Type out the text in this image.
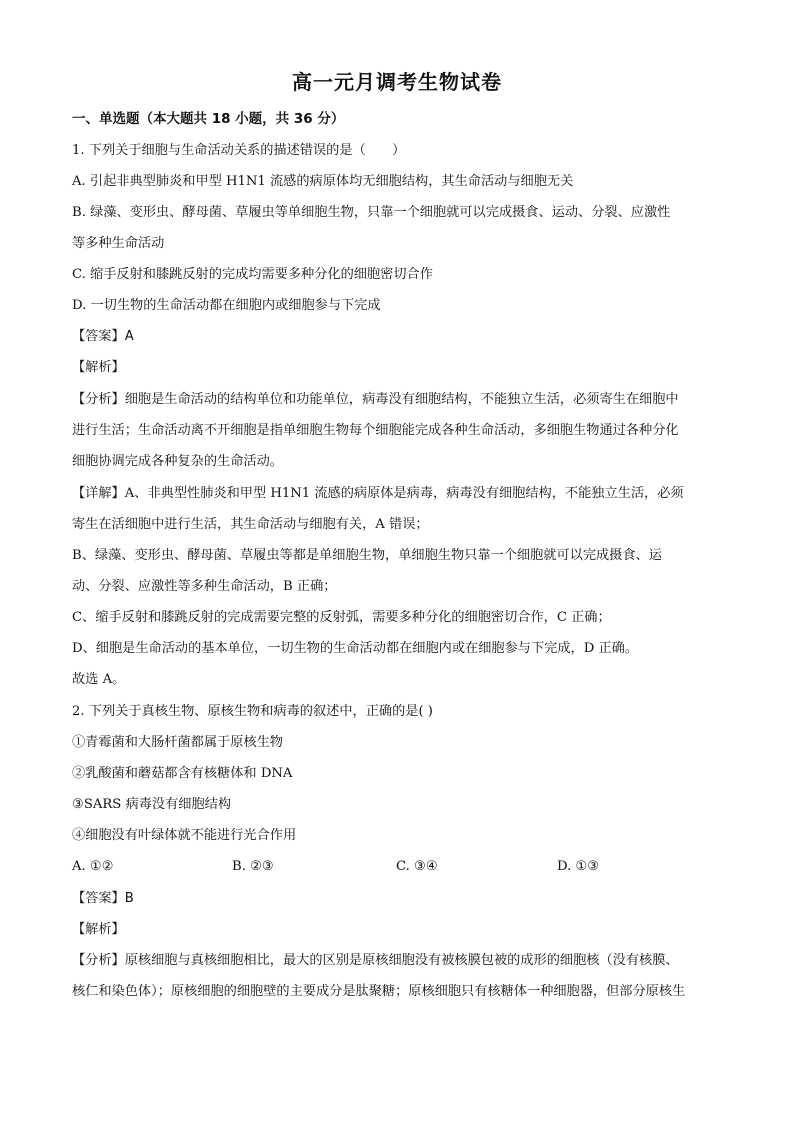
高一元月调考生物试卷
一、单选题（本大题共 18 小题，共 36 分）
1. 下列关于细胞与生命活动关系的描述错误的是（　　）
A. 引起非典型肺炎和甲型 H1N1 流感的病原体均无细胞结构，其生命活动与细胞无关
B. 绿藻、变形虫、酵母菌、草履虫等单细胞生物，只靠一个细胞就可以完成摄食、运动、分裂、应激性
等多种生命活动
C. 缩手反射和膝跳反射的完成均需要多种分化的细胞密切合作
D. 一切生物的生命活动都在细胞内或细胞参与下完成
【答案】A
【解析】
【分析】细胞是生命活动的结构单位和功能单位，病毒没有细胞结构，不能独立生活，必须寄生在细胞中
进行生活；生命活动离不开细胞是指单细胞生物每个细胞能完成各种生命活动，多细胞生物通过各种分化
细胞协调完成各种复杂的生命活动。
【详解】A、非典型性肺炎和甲型 H1N1 流感的病原体是病毒，病毒没有细胞结构，不能独立生活，必须
寄生在活细胞中进行生活，其生命活动与细胞有关，A 错误；
B、绿藻、变形虫、酵母菌、草履虫等都是单细胞生物，单细胞生物只靠一个细胞就可以完成摄食、运
动、分裂、应激性等多种生命活动，B 正确；
C、缩手反射和膝跳反射的完成需要完整的反射弧，需要多种分化的细胞密切合作，C 正确；
D、细胞是生命活动的基本单位，一切生物的生命活动都在细胞内或在细胞参与下完成，D 正确。
故选 A。
2. 下列关于真核生物、原核生物和病毒的叙述中，正确的是( )
①青霉菌和大肠杆菌都属于原核生物
②乳酸菌和蘑菇都含有核糖体和 DNA
③SARS 病毒没有细胞结构
④细胞没有叶绿体就不能进行光合作用
A. ①②	B. ②③	C. ③④	D. ①③
【答案】B
【解析】
【分析】原核细胞与真核细胞相比，最大的区别是原核细胞没有被核膜包被的成形的细胞核（没有核膜、
核仁和染色体）；原核细胞的细胞壁的主要成分是肽聚糖；原核细胞只有核糖体一种细胞器，但部分原核生
